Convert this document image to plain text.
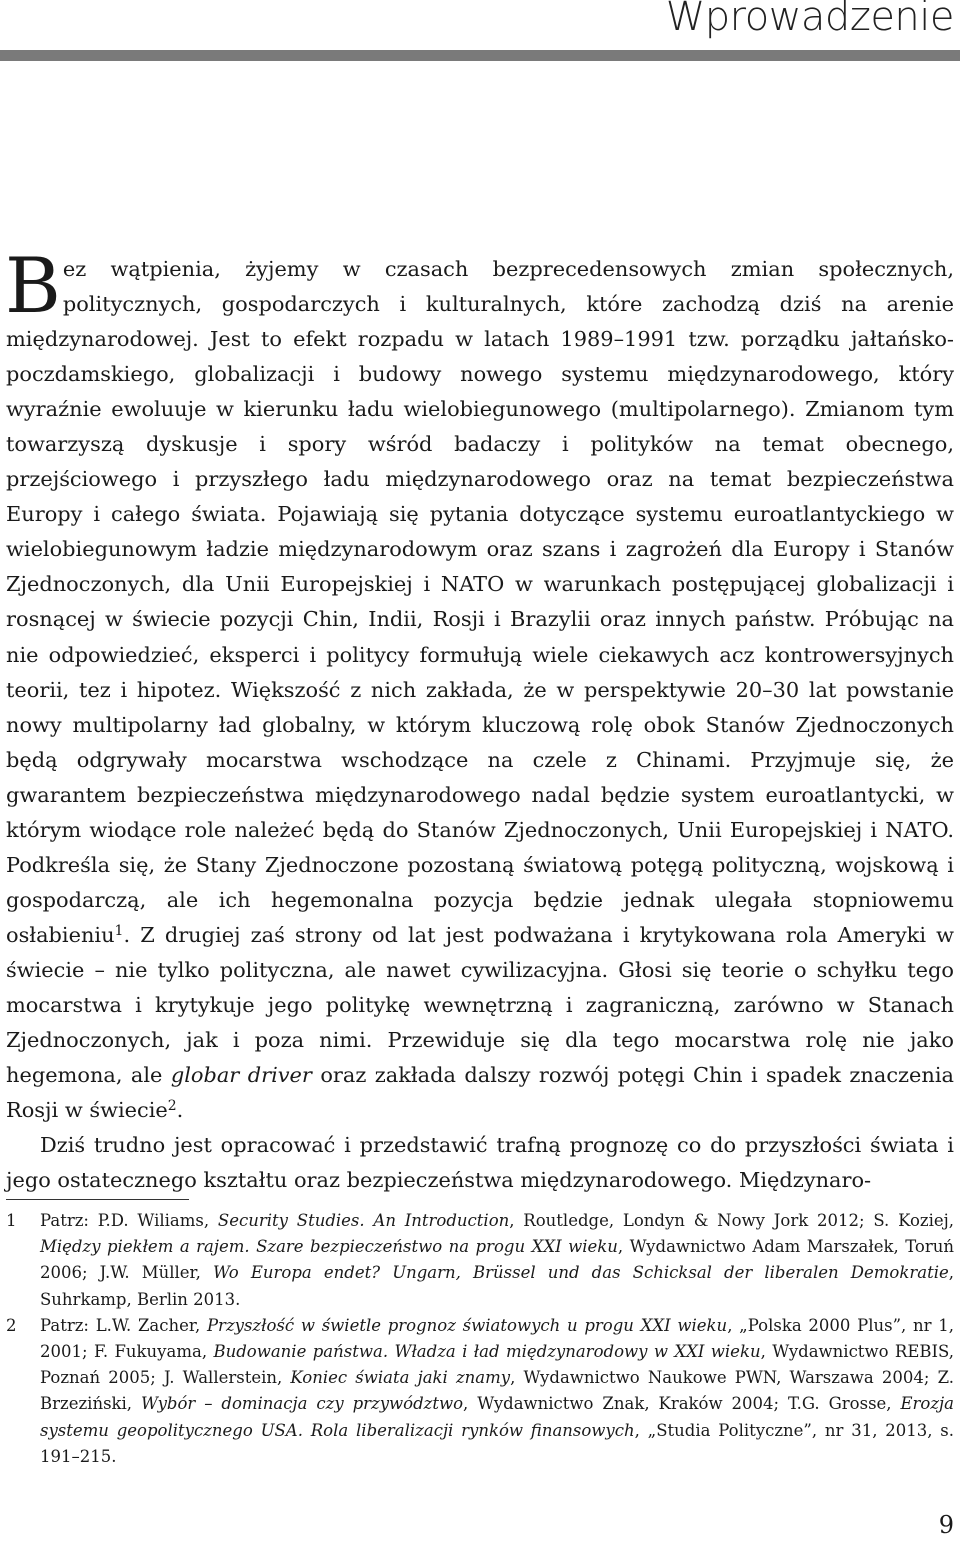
Wprowadzenie

Bez wątpienia, żyjemy w czasach bezprecedensowych zmian społecznych, politycznych, gospodarczych i kulturalnych, które zachodzą dziś na arenie międzynarodowej. Jest to efekt rozpadu w latach 1989–1991 tzw. porządku jałtańsko-poczdamskiego, globalizacji i budowy nowego systemu międzynarodowego, który wyraźnie ewoluuje w kierunku ładu wielobiegunowego (multipolarnego). Zmianom tym towarzyszą dyskusje i spory wśród badaczy i polityków na temat obecnego, przejściowego i przyszłego ładu międzynarodowego oraz na temat bezpieczeństwa Europy i całego świata. Pojawiają się pytania dotyczące systemu euroatlantyckiego w wielobiegunowym ładzie międzynarodowym oraz szans i zagrożeń dla Europy i Stanów Zjednoczonych, dla Unii Europejskiej i NATO w warunkach postępującej globalizacji i rosnącej w świecie pozycji Chin, Indii, Rosji i Brazylii oraz innych państw. Próbując na nie odpowiedzieć, eksperci i politycy formułują wiele ciekawych acz kontrowersyjnych teorii, tez i hipotez. Większość z nich zakłada, że w perspektywie 20–30 lat powstanie nowy multipolarny ład globalny, w którym kluczową rolę obok Stanów Zjednoczonych będą odgrywały mocarstwa wschodzące na czele z Chinami. Przyjmuje się, że gwarantem bezpieczeństwa międzynarodowego nadal będzie system euroatlantycki, w którym wiodące role należeć będą do Stanów Zjednoczonych, Unii Europejskiej i NATO. Podkreśla się, że Stany Zjednoczone pozostaną światową potęgą polityczną, wojskową i gospodarczą, ale ich hegemonalna pozycja będzie jednak ulegała stopniowemu osłabieniu$^1$. Z drugiej zaś strony od lat jest podważana i krytykowana rola Ameryki w świecie – nie tylko polityczna, ale nawet cywilizacyjna. Głosi się teorie o schyłku tego mocarstwa i krytykuje jego politykę wewnętrzną i zagraniczną, zarówno w Stanach Zjednoczonych, jak i poza nimi. Przewiduje się dla tego mocarstwa rolę nie jako hegemona, ale globar driver oraz zakłada dalszy rozwój potęgi Chin i spadek znaczenia Rosji w świecie$^2$.

Dziś trudno jest opracować i przedstawić trafną prognozę co do przyszłości świata i jego ostatecznego kształtu oraz bezpieczeństwa międzynarodowego. Międzynaro-

1 Patrz: P.D. Wiliams, Security Studies. An Introduction, Routledge, Londyn & Nowy Jork 2012; S. Koziej, Między piekłem a rajem. Szare bezpieczeństwo na progu XXI wieku, Wydawnictwo Adam Marszałek, Toruń 2006; J.W. Müller, Wo Europa endet? Ungarn, Brüssel und das Schicksal der liberalen Demokratie, Suhrkamp, Berlin 2013.
2 Patrz: L.W. Zacher, Przyszłość w świetle prognoz światowych u progu XXI wieku, „Polska 2000 Plus”, nr 1, 2001; F. Fukuyama, Budowanie państwa. Władza i ład międzynarodowy w XXI wieku, Wydawnictwo REBIS, Poznań 2005; J. Wallerstein, Koniec świata jaki znamy, Wydawnictwo Naukowe PWN, Warszawa 2004; Z. Brzeziński, Wybór – dominacja czy przywództwo, Wydawnictwo Znak, Kraków 2004; T.G. Grosse, Erozja systemu geopolitycznego USA. Rola liberalizacji rynków finansowych, „Studia Polityczne”, nr 31, 2013, s. 191–215.
9
